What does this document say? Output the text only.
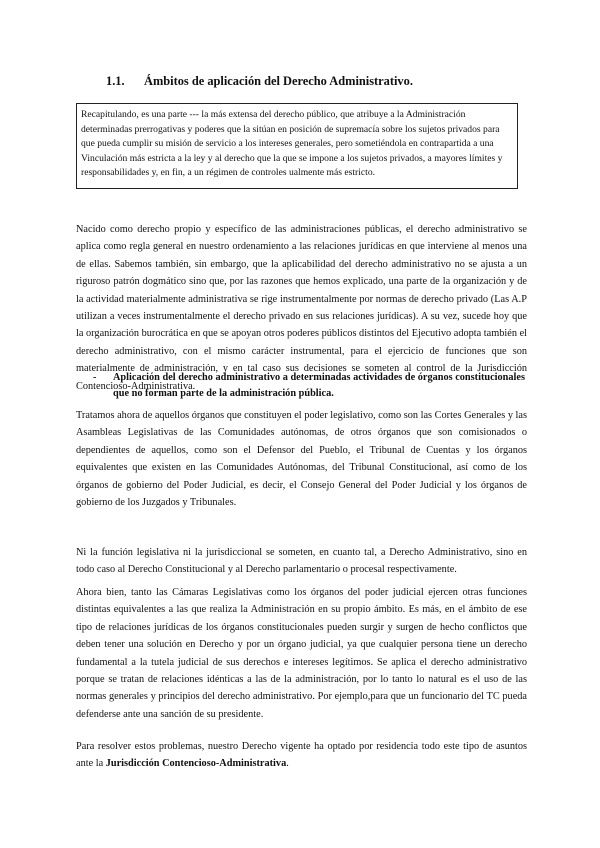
1.1. Ámbitos de aplicación del Derecho Administrativo.
Recapitulando, es una parte --- la más extensa del derecho público, que atribuye a la Administración determinadas prerrogativas y poderes que la sitúan en posición de supremacía sobre los sujetos privados para que pueda cumplir su misión de servicio a los intereses generales, pero sometiéndola en contrapartida a una Vinculación más estricta a la ley y al derecho que la que se impone a los sujetos privados, a mayores límites y responsabilidades y, en fin, a un régimen de controles ualmente más estricto.
Nacido como derecho propio y específico de las administraciones públicas, el derecho administrativo se aplica como regla general en nuestro ordenamiento a las relaciones jurídicas en que interviene al menos una de ellas. Sabemos también, sin embargo, que la aplicabilidad del derecho administrativo no se ajusta a un riguroso patrón dogmático sino que, por las razones que hemos explicado, una parte de la organización y de la actividad materialmente administrativa se rige instrumentalmente por normas de derecho privado (Las A.P utilizan a veces instrumentalmente el derecho privado en sus relaciones jurídicas). A su vez, sucede hoy que la organización burocrática en que se apoyan otros poderes públicos distintos del Ejecutivo adopta también el derecho administrativo, con el mismo carácter instrumental, para el ejercicio de funciones que son materialmente de administración, y en tal caso sus decisiones se someten al control de la Jurisdicción Contencioso-Administrativa.
- Aplicación del derecho administrativo a determinadas actividades de órganos constitucionales que no forman parte de la administración pública.
Tratamos ahora de aquellos órganos que constituyen el poder legislativo, como son las Cortes Generales y las Asambleas Legislativas de las Comunidades autónomas, de otros órganos que son comisionados o dependientes de aquellos, como son el Defensor del Pueblo, el Tribunal de Cuentas y los órganos equivalentes que existen en las Comunidades Autónomas, del Tribunal Constitucional, así como de los órganos de gobierno del Poder Judicial, es decir, el Consejo General del Poder Judicial y los órganos de gobierno de los Juzgados y Tribunales.
Ni la función legislativa ni la jurisdiccional se someten, en cuanto tal, a Derecho Administrativo, sino en todo caso al Derecho Constitucional y al Derecho parlamentario o procesal respectivamente.
Ahora bien, tanto las Cámaras Legislativas como los órganos del poder judicial ejercen otras funciones distintas equivalentes a las que realiza la Administración en su propio ámbito. Es más, en el ámbito de ese tipo de relaciones jurídicas de los órganos constitucionales pueden surgir y surgen de hecho conflictos que deben tener una solución en Derecho y por un órgano judicial, ya que cualquier persona tiene un derecho fundamental a la tutela judicial de sus derechos e intereses legítimos. Se aplica el derecho administrativo porque se tratan de relaciones idénticas a las de la administración, por lo tanto lo natural es el uso de las normas generales y principios del derecho administrativo. Por ejemplo,para que un funcionario del TC pueda defenderse ante una sanción de su presidente.
Para resolver estos problemas, nuestro Derecho vigente ha optado por residencia todo este tipo de asuntos ante la Jurisdicción Contencioso-Administrativa.
